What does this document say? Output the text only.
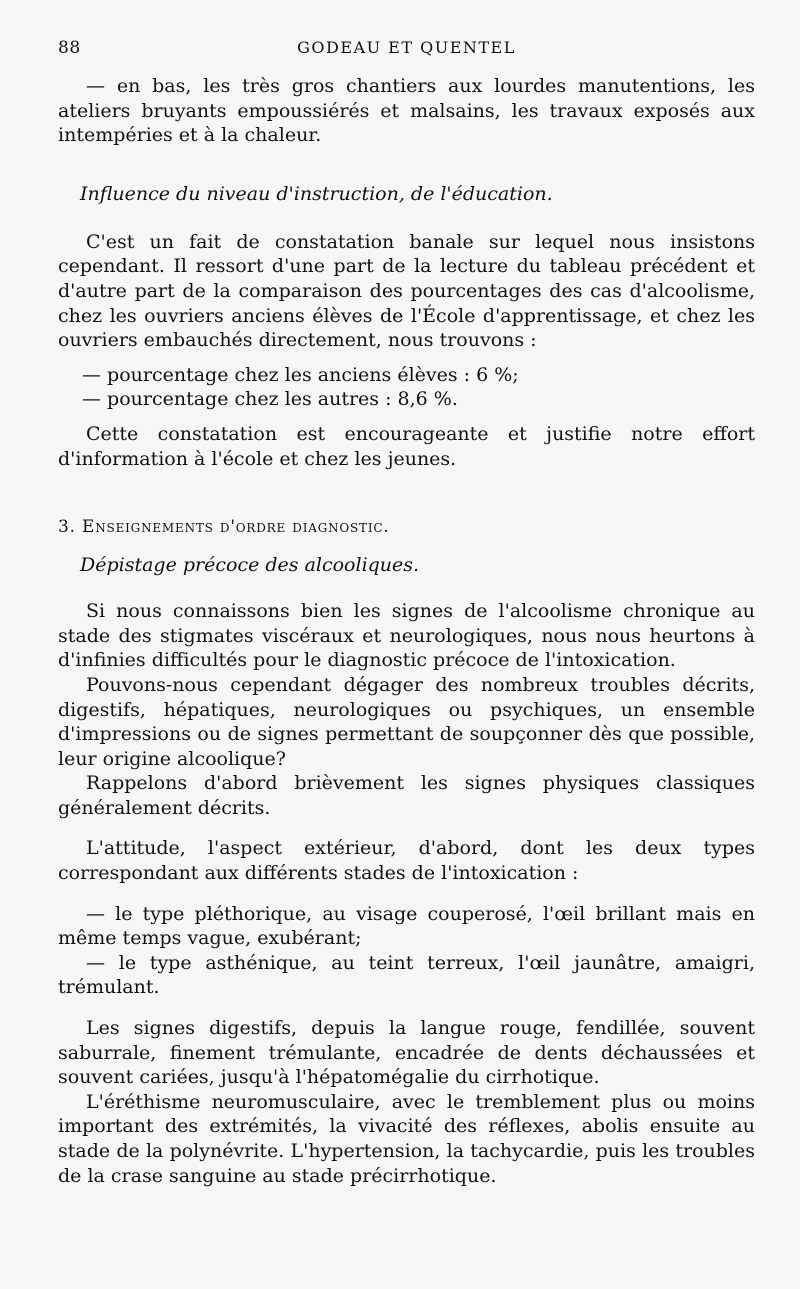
88	GODEAU ET QUENTEL

— en bas, les très gros chantiers aux lourdes manutentions, les ateliers bruyants empoussiérés et malsains, les travaux exposés aux intempéries et à la chaleur.

Influence du niveau d'instruction, de l'éducation.

C'est un fait de constatation banale sur lequel nous insistons cependant. Il ressort d'une part de la lecture du tableau précédent et d'autre part de la comparaison des pourcentages des cas d'alcoolisme, chez les ouvriers anciens élèves de l'École d'apprentissage, et chez les ouvriers embauchés directement, nous trouvons :

— pourcentage chez les anciens élèves : 6 %;

— pourcentage chez les autres : 8,6 %.

Cette constatation est encourageante et justifie notre effort d'information à l'école et chez les jeunes.

3. Enseignements d'ordre diagnostic.
Dépistage précoce des alcooliques.

Si nous connaissons bien les signes de l'alcoolisme chronique au stade des stigmates viscéraux et neurologiques, nous nous heurtons à d'infinies difficultés pour le diagnostic précoce de l'intoxication.

Pouvons-nous cependant dégager des nombreux troubles décrits, digestifs, hépatiques, neurologiques ou psychiques, un ensemble d'impressions ou de signes permettant de soupçonner dès que possible, leur origine alcoolique?

Rappelons d'abord brièvement les signes physiques classiques généralement décrits.

L'attitude, l'aspect extérieur, d'abord, dont les deux types correspondant aux différents stades de l'intoxication :

— le type pléthorique, au visage couperosé, l'œil brillant mais en même temps vague, exubérant;

— le type asthénique, au teint terreux, l'œil jaunâtre, amaigri, trémulant.

Les signes digestifs, depuis la langue rouge, fendillée, souvent saburrale, finement trémulante, encadrée de dents déchaussées et souvent cariées, jusqu'à l'hépatomégalie du cirrhotique.

L'éréthisme neuromusculaire, avec le tremblement plus ou moins important des extrémités, la vivacité des réflexes, abolis ensuite au stade de la polynévrite. L'hypertension, la tachycardie, puis les troubles de la crase sanguine au stade précirrhotique.
